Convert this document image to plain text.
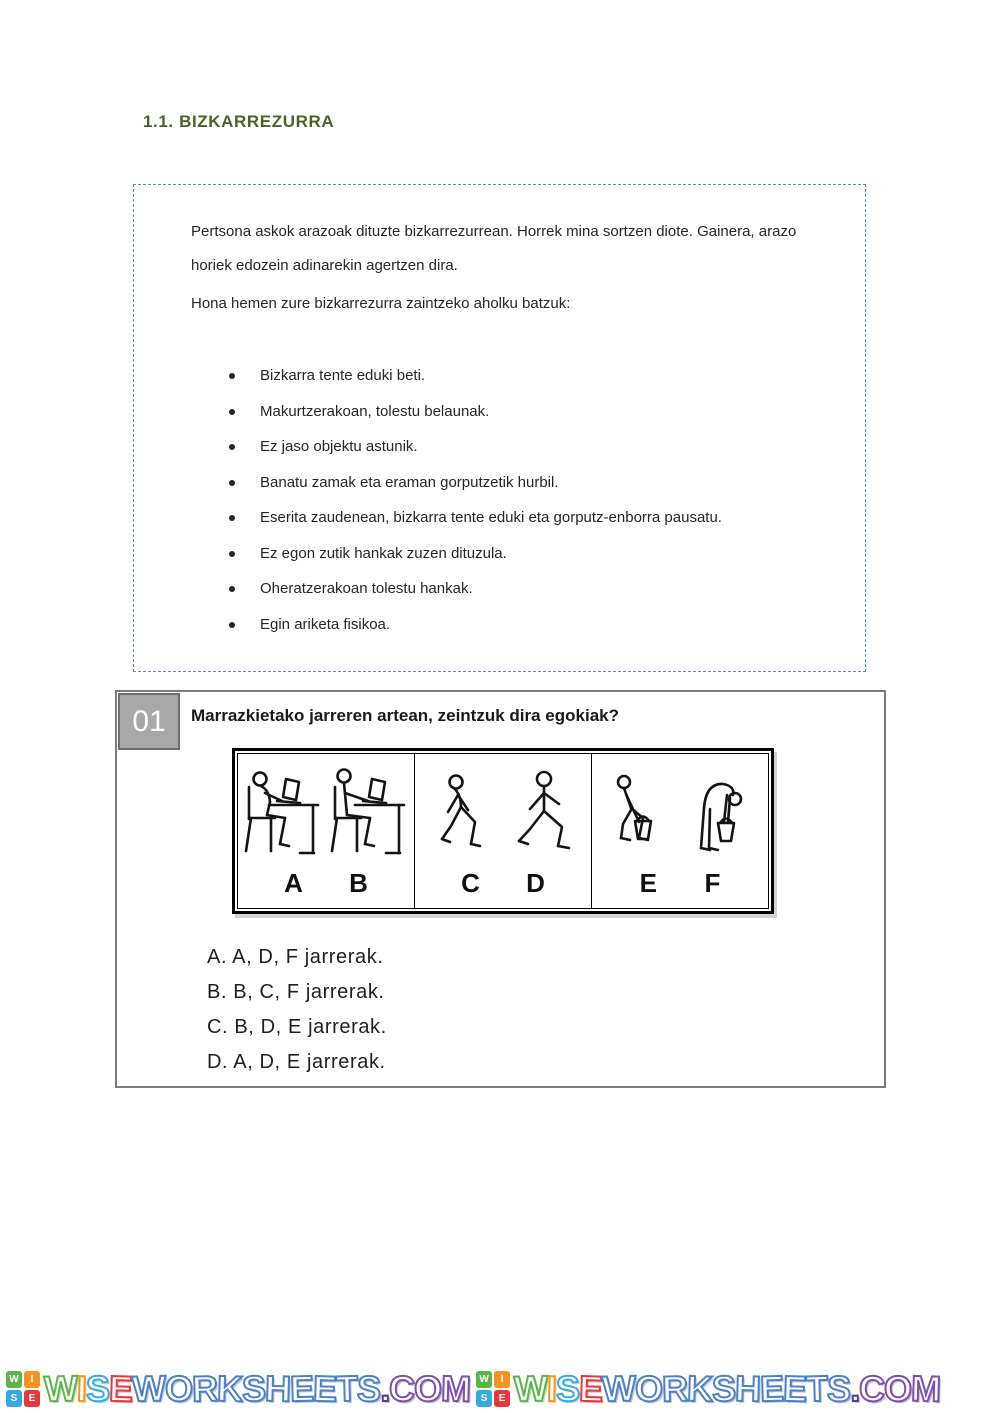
1.1. BIZKARREZURRA

Pertsona askok arazoak dituzte bizkarrezurrean. Horrek mina sortzen diote. Gainera, arazo horiek edozein adinarekin agertzen dira.

Hona hemen zure bizkarrezurra zaintzeko aholku batzuk:

Bizkarra tente eduki beti.
Makurtzerakoan, tolestu belaunak.
Ez jaso objektu astunik.
Banatu zamak eta eraman gorputzetik hurbil.
Eserita zaudenean, bizkarra tente eduki eta gorputz-enborra pausatu.
Ez egon zutik hankak zuzen dituzula.
Oheratzerakoan tolestu hankak.
Egin ariketa fisikoa.
01	Marrazkietako jarreren artean, zeintzuk dira egokiak?
A B	C D	E F
A. A, D, F jarrerak.
B. B, C, F jarrerak.
C. B, D, E jarrerak.
D. A, D, E jarrerak.
W	I
S	E W
I
S
E
W
O
R
K
S
H
E
E
T
S
.
C
O
M W	I
S	E W
I
S
E
W
O
R
K
S
H
E
E
T
S
.
C
O
M
